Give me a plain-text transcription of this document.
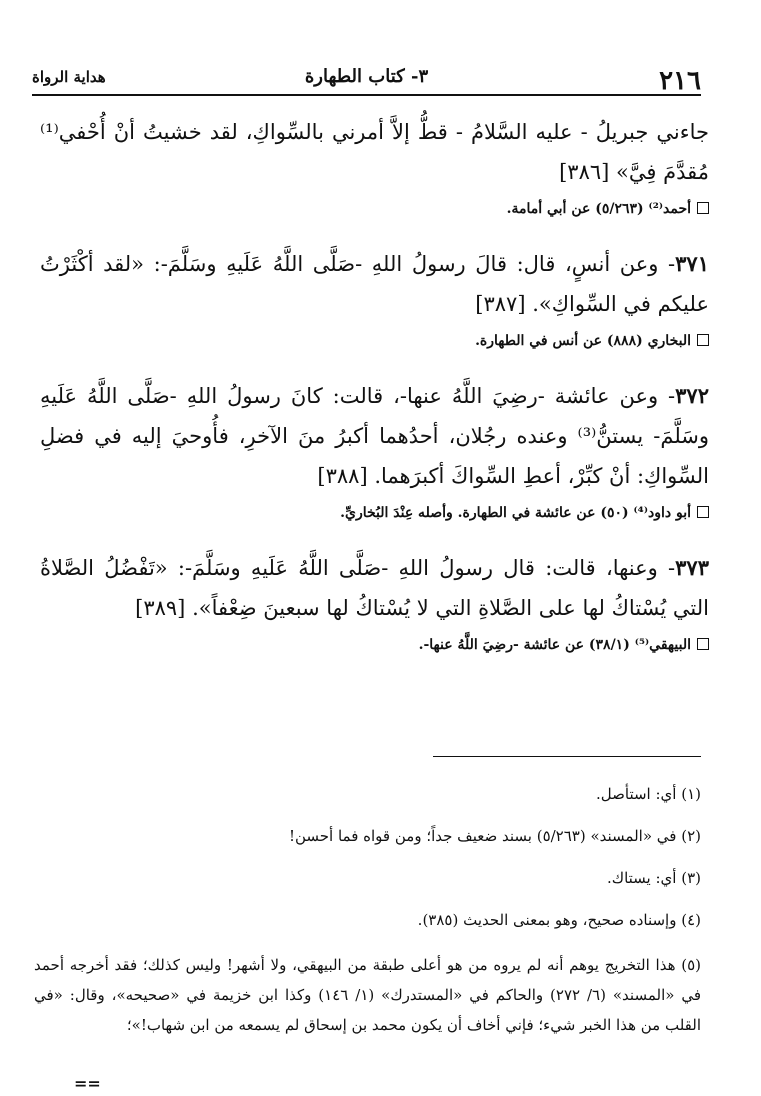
٢١٦
٣- كتاب الطهارة
هداية الرواة

جاءني جبريلُ - عليه السَّلامُ - قطُّ إلاَّ أمرني بالسِّواكِ، لقد خشيتُ أنْ أُحْفي⁽¹⁾ مُقدَّمَ فِيَّ» [٣٨٦]

أحمد⁽²⁾ (٥/٢٦٣) عن أبي أمامة.

٣٧١- وعن أنسٍ، قال: قالَ رسولُ اللهِ -صَلَّى اللَّهُ عَلَيهِ وسَلَّمَ-: «لقد أكْثَرْتُ عليكم في السِّواكِ». [٣٨٧]

البخاري (٨٨٨) عن أنس في الطهارة.

٣٧٢- وعن عائشة -رضِيَ اللَّهُ عنها-، قالت: كانَ رسولُ اللهِ -صَلَّى اللَّهُ عَلَيهِ وسَلَّمَ- يستنُّ⁽³⁾ وعنده رجُلان، أحدُهما أكبرُ منَ الآخرِ، فأُوحيَ إليه في فضلِ السِّواكِ: أنْ كبِّرْ، أعطِ السِّواكَ أكبرَهما. [٣٨٨]

أبو داود⁽⁴⁾ (٥٠) عن عائشة في الطهارة. وأصله عِنْدَ البُخاريِّ.

٣٧٣- وعنها، قالت: قال رسولُ اللهِ -صَلَّى اللَّهُ عَلَيهِ وسَلَّمَ-: «تَفْضُلُ الصَّلاةُ التي يُسْتاكُ لها على الصَّلاةِ التي لا يُسْتاكُ لها سبعينَ ضِعْفاً». [٣٨٩]

البيهقي⁽⁵⁾ (٣٨/١) عن عائشة -رضِيَ اللَّهُ عنها-.

(١) أي: استأصل.

(٢) في «المسند» (٥/٢٦٣) بسند ضعيف جداً؛ ومن قواه فما أحسن!

(٣) أي: يستاك.

(٤) وإسناده صحيح، وهو بمعنى الحديث (٣٨٥).

(٥) هذا التخريج يوهم أنه لم يروه من هو أعلى طبقة من البيهقي، ولا أشهر! وليس كذلك؛ فقد أخرجه أحمد في «المسند» (٦/ ٢٧٢) والحاكم في «المستدرك» (١/ ١٤٦) وكذا ابن خزيمة في «صحيحه»، وقال: «في القلب من هذا الخبر شيء؛ فإني أخاف أن يكون محمد بن إسحاق لم يسمعه من ابن شهاب!»؛

==
